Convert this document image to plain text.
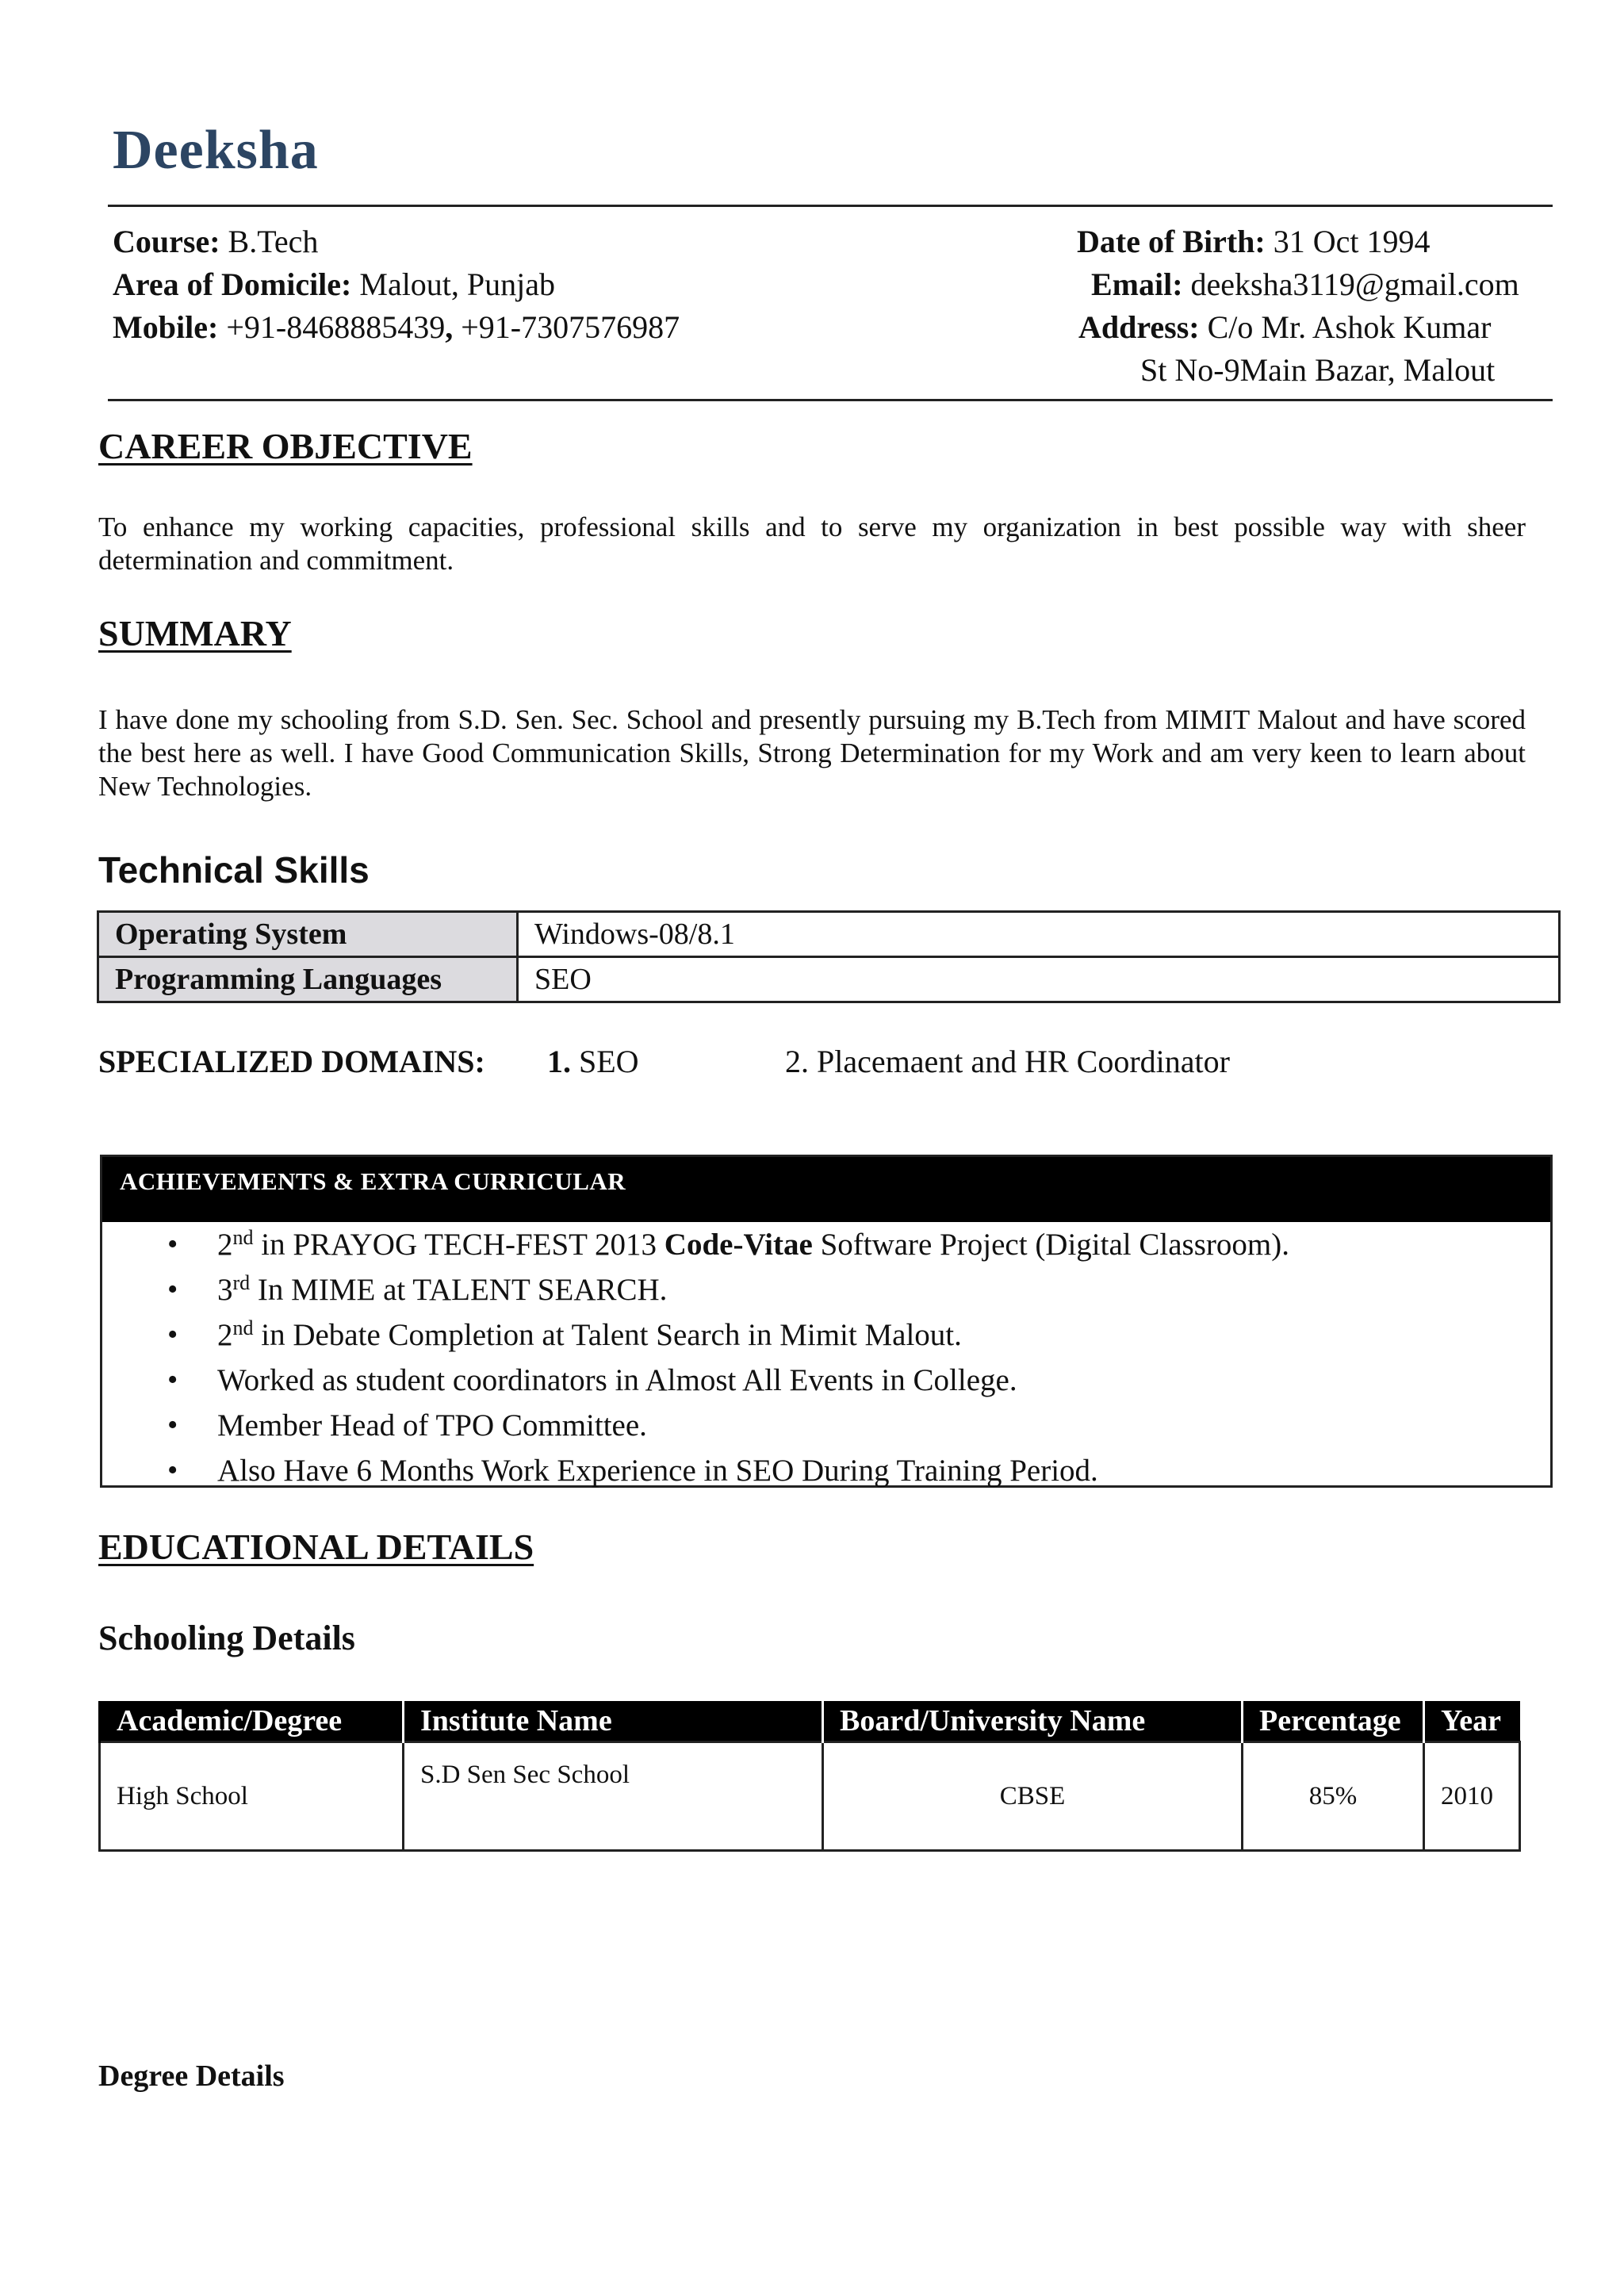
Deeksha
Course: B.Tech
Area of Domicile: Malout, Punjab
Mobile: +91-8468885439, +91-7307576987
Date of Birth: 31 Oct 1994
Email: deeksha3119@gmail.com
Address: C/o Mr. Ashok Kumar
St No-9Main Bazar, Malout
CAREER OBJECTIVE
To enhance my working capacities, professional skills and to serve my organization in best possible way with sheer determination and commitment.
SUMMARY
I have done my schooling from S.D. Sen. Sec. School and presently pursuing my B.Tech from MIMIT Malout and have scored the best here as well. I have Good Communication Skills, Strong Determination for my Work and am very keen to learn about New Technologies.
Technical Skills
Operating System	Windows-08/8.1
Programming Languages	SEO
SPECIALIZED DOMAINS: 1. SEO	2. Placemaent and HR Coordinator
ACHIEVEMENTS & EXTRA CURRICULAR
• 2nd in PRAYOG TECH-FEST 2013 Code-Vitae Software Project (Digital Classroom).
• 3rd In MIME at TALENT SEARCH.
• 2nd in Debate Completion at Talent Search in Mimit Malout.
• Worked as student coordinators in Almost All Events in College.
• Member Head of TPO Committee.
• Also Have 6 Months Work Experience in SEO During Training Period.
EDUCATIONAL DETAILS
Schooling Details
Academic/Degree	Institute Name	Board/University Name	Percentage	Year
High School	S.D Sen Sec School	CBSE	85%	2010
Degree Details
